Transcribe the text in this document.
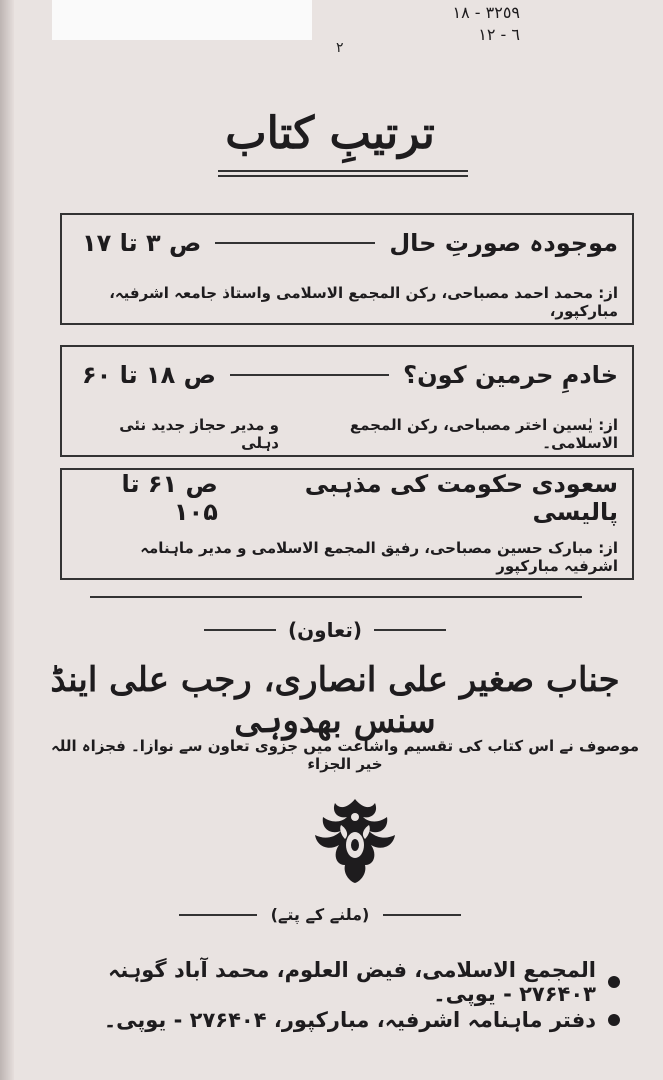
٣٢٥٩ - ١٨
٦ - ١٢
۲
ترتیبِ کتاب
موجودہ صورتِ حال
ص ۳ تا ۱۷
از: محمد احمد مصباحی، رکن المجمع الاسلامی واستاذ جامعہ اشرفیہ، مبارکپور،
خادمِ حرمین کون؟
ص ۱۸ تا ۶۰
از: یٰسین اختر مصباحی، رکن المجمع الاسلامی۔
و مدیر حجاز جدید نئی دہلی
سعودی حکومت کی مذہبی پالیسی
ص ۶۱ تا ۱۰۵
از: مبارک حسین مصباحی، رفیق المجمع الاسلامی و مدیر ماہنامہ اشرفیہ مبارکپور
(تعاون)
جناب صغیر علی انصاری، رجب علی اینڈ سنس بھدوہی
موصوف نے اس کتاب کی تقسیم واشاعت میں جزوی تعاون سے نوازا۔ فجزاہ اللہ خیر الجزاء
(ملنے کے پتے)
المجمع الاسلامی، فیض العلوم، محمد آباد گوہنہ ۲۷۶۴۰۳ - یوپی۔
دفتر ماہنامہ اشرفیہ، مبارکپور، ۲۷۶۴۰۴ - یوپی۔
